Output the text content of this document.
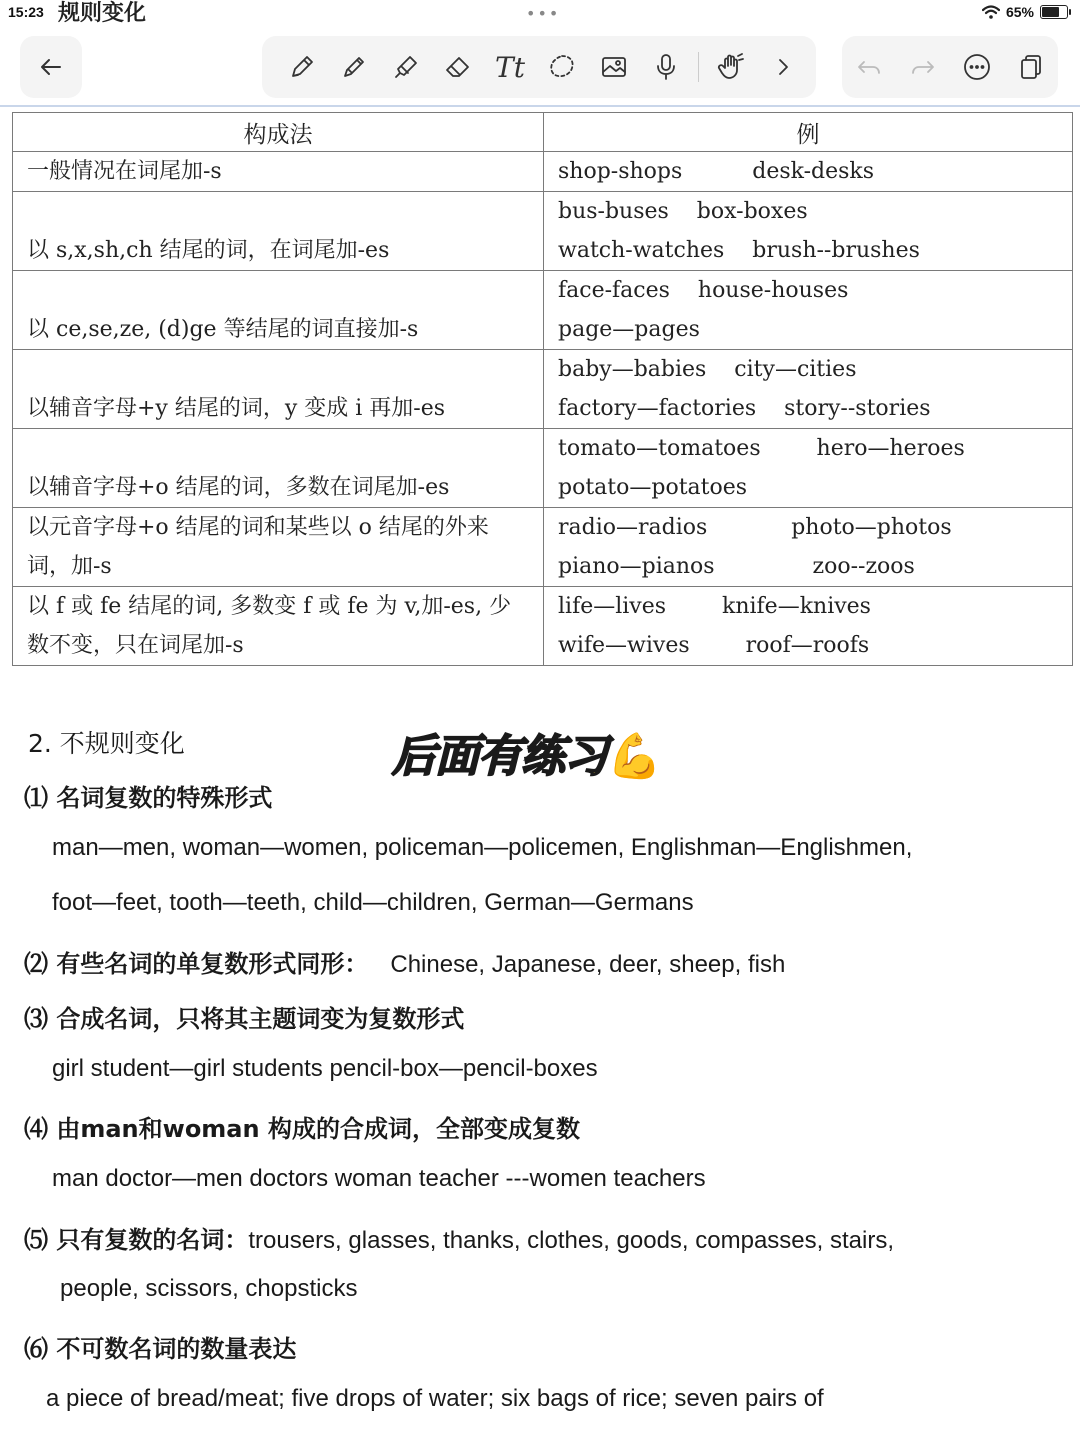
15:23 规则变化	•••	65%
Tt
构成法	例
一般情况在词尾加-s	shop-shops          desk-desks

以 s,x,sh,ch 结尾的词，在词尾加-es	bus-buses    box-boxes
watch-watches    brush--brushes

以 ce,se,ze, (d)ge 等结尾的词直接加-s	face-faces    house-houses
page—pages

以辅音字母+y 结尾的词，y 变成 i 再加-es	baby—babies    city—cities
factory—factories    story--stories

以辅音字母+o 结尾的词，多数在词尾加-es	tomato—tomatoes        hero—heroes
potato—potatoes

以元音字母+o 结尾的词和某些以 o 结尾的外来词，加-s	radio—radios            photo—photos
piano—pianos              zoo--zoos

以 f 或 fe 结尾的词, 多数变 f 或 fe 为 v,加-es, 少数不变，只在词尾加-s	life—lives        knife—knives
wife—wives        roof—roofs
后面有练习💪
2. 不规则变化
⑴ 名词复数的特殊形式
man—men, woman—women, policeman—policemen, Englishman—Englishmen,
foot—feet, tooth—teeth, child—children, German—Germans
⑵ 有些名词的单复数形式同形： Chinese, Japanese, deer, sheep, fish
⑶ 合成名词，只将其主题词变为复数形式
girl student—girl students pencil-box—pencil-boxes
⑷ 由man和woman 构成的合成词，全部变成复数
man doctor—men doctors woman teacher ---women teachers
⑸ 只有复数的名词：trousers, glasses, thanks, clothes, goods, compasses, stairs,
people, scissors, chopsticks
⑹ 不可数名词的数量表达
a piece of bread/meat; five drops of water; six bags of rice; seven pairs of
